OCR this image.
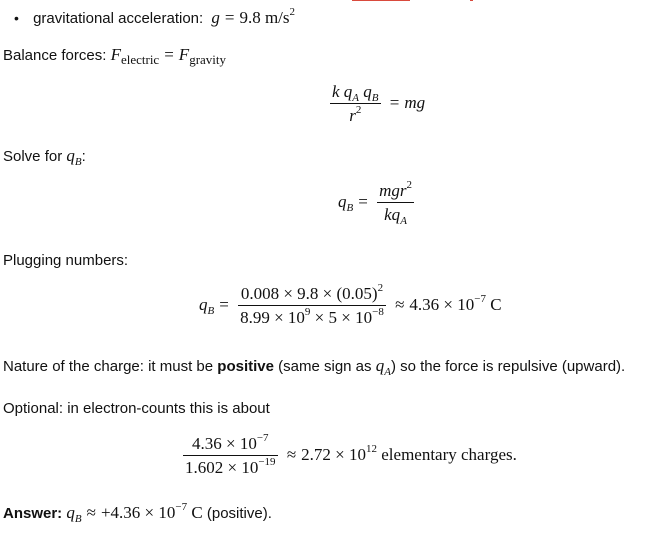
• gravitational acceleration: g = 9.8 $m/s^2$
Balance forces: $F_{electric} = F_{gravity}$
$\frac{k q_A q_B}{r^2}$ = mg
Solve for $q_B$:
$q_B = \frac{mgr^2}{kq_A}$
Plugging numbers:
$q_B = \frac{0.008 \times 9.8 \times (0.05)^2}{8.99 \times 10^9 \times 5 \times 10^{-8}} \approx 4.36 \times 10^{-7}$ C
Nature of the charge: it must be positive (same sign as $q_A$) so the force is repulsive (upward).
Optional: in electron-counts this is about
$\frac{4.36 \times 10^{-7}}{1.602 \times 10^{-19}} \approx 2.72 \times 10^{12}$ elementary charges.
Answer: $q_B \approx +4.36 \times 10^{-7}$ C (positive).
